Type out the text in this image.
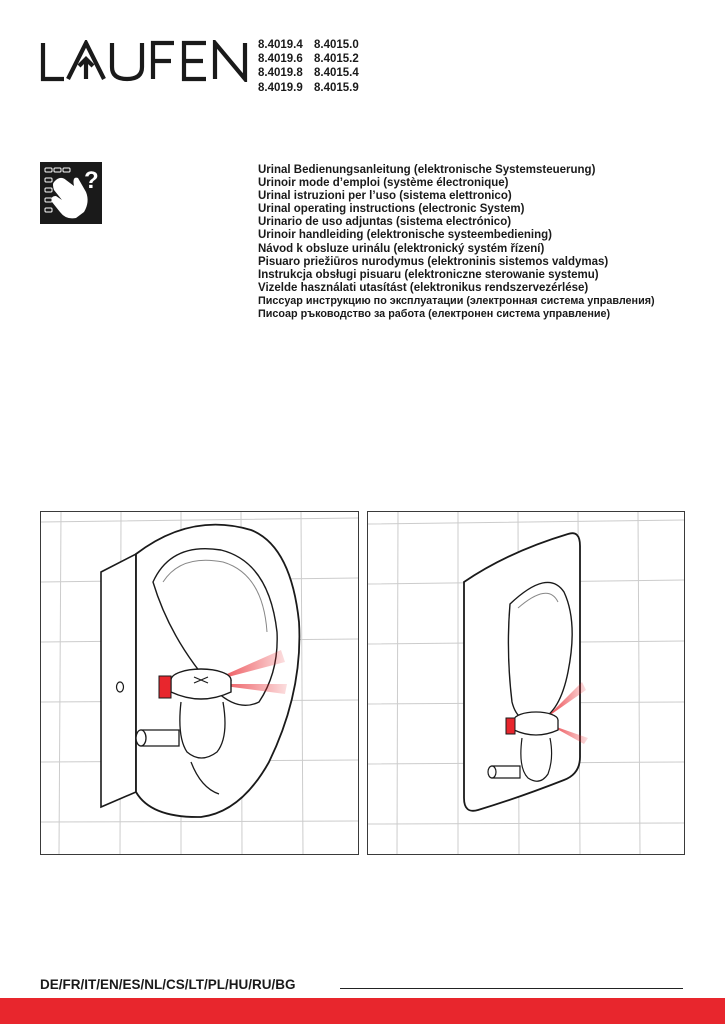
8.4019.4 8.4015.0
8.4019.6 8.4015.2
8.4019.8 8.4015.4
8.4019.9 8.4015.9
?	Urinal Bedienungsanleitung (elektronische Systemsteuerung)
Urinoir mode d’emploi (système électronique)
Urinal istruzioni per l’uso (sistema elettronico)
Urinal operating instructions (electronic System)
Urinario de uso adjuntas (sistema electrónico)
Urinoir handleiding (elektronische systeembediening)
Návod k obsluze urinálu (elektronický systém řízení)
Pisuaro priežiūros nurodymus (elektroninis sistemos valdymas)
Instrukcja obsługi pisuaru (elektroniczne sterowanie systemu)
Vizelde használati utasítást (elektronikus rendszervezérlése)
Писсуар инструкцию по эксплуатации (электронная система управления)
Писоар ръководство за работа (електронен система управление)
DE/FR/IT/EN/ES/NL/CS/LT/PL/HU/RU/BG
